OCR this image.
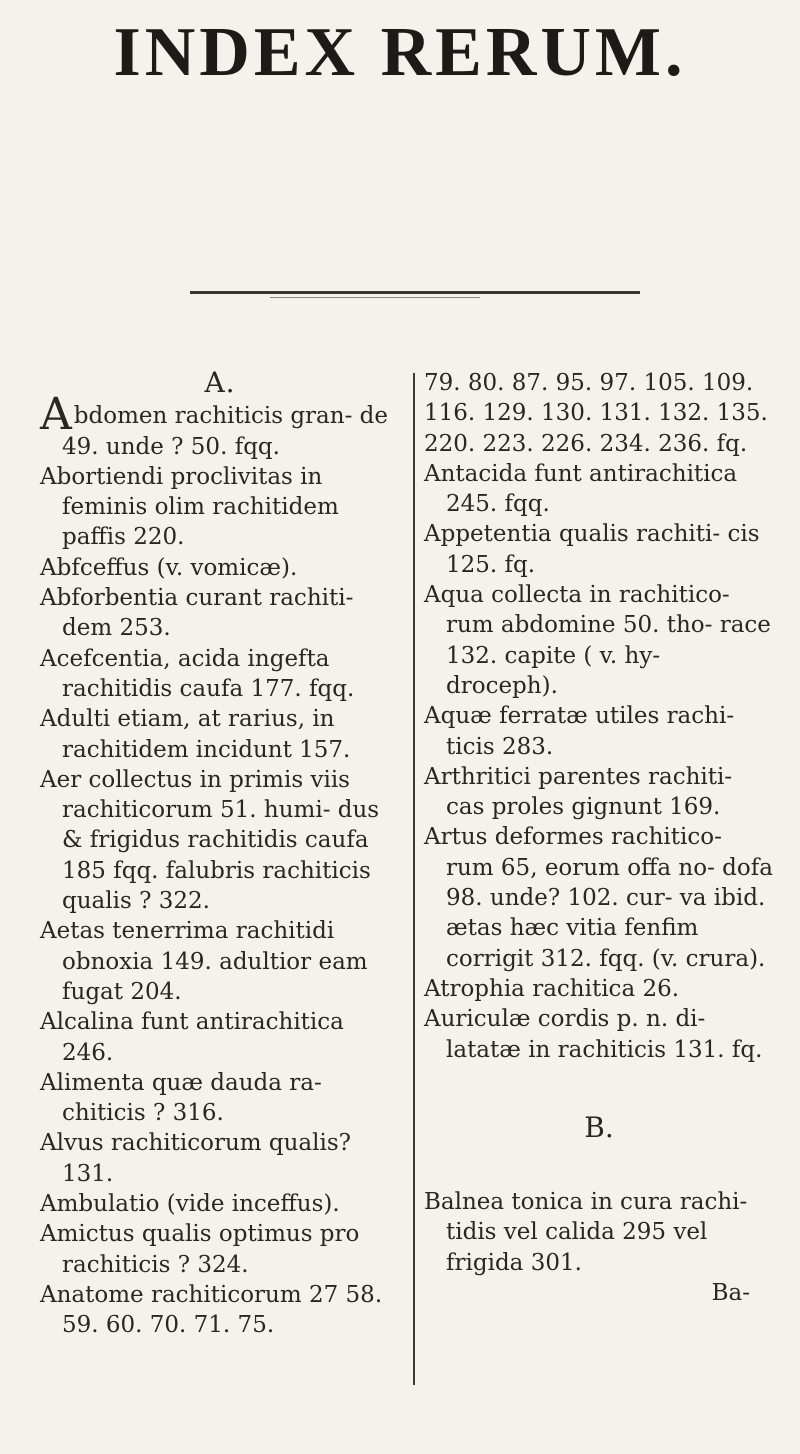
INDEX RERUM.
A.

Abdomen rachiticis gran- de 49. unde ? 50. fqq.

Abortiendi proclivitas in feminis olim rachitidem paffis 220.

Abfceffus (v. vomicæ).

Abforbentia curant rachiti- dem 253.

Acefcentia, acida ingefta rachitidis caufa 177. fqq.

Adulti etiam, at rarius, in rachitidem incidunt 157.

Aer collectus in primis viis rachiticorum 51. humi- dus & frigidus rachitidis caufa 185 fqq. falubris rachiticis qualis ? 322.

Aetas tenerrima rachitidi obnoxia 149. adultior eam fugat 204.

Alcalina funt antirachitica 246.

Alimenta quæ dauda ra- chiticis ? 316.

Alvus rachiticorum qualis? 131.

Ambulatio (vide inceffus).

Amictus qualis optimus pro rachiticis ? 324.

Anatome rachiticorum 27 58. 59. 60. 70. 71. 75.

79. 80. 87. 95. 97. 105. 109. 116. 129. 130. 131. 132. 135. 220. 223. 226. 234. 236. fq.

Antacida funt antirachitica 245. fqq.

Appetentia qualis rachiti- cis 125. fq.

Aqua collecta in rachitico- rum abdomine 50. tho- race 132. capite ( v. hy- droceph).

Aquæ ferratæ utiles rachi- ticis 283.

Arthritici parentes rachiti- cas proles gignunt 169.

Artus deformes rachitico- rum 65, eorum offa no- dofa 98. unde? 102. cur- va ibid. ætas hæc vitia fenfim corrigit 312. fqq. (v. crura).

Atrophia rachitica 26.

Auriculæ cordis p. n. di- latatæ in rachiticis 131. fq.

B.

Balnea tonica in cura rachi- tidis vel calida 295 vel frigida 301.

Ba-
